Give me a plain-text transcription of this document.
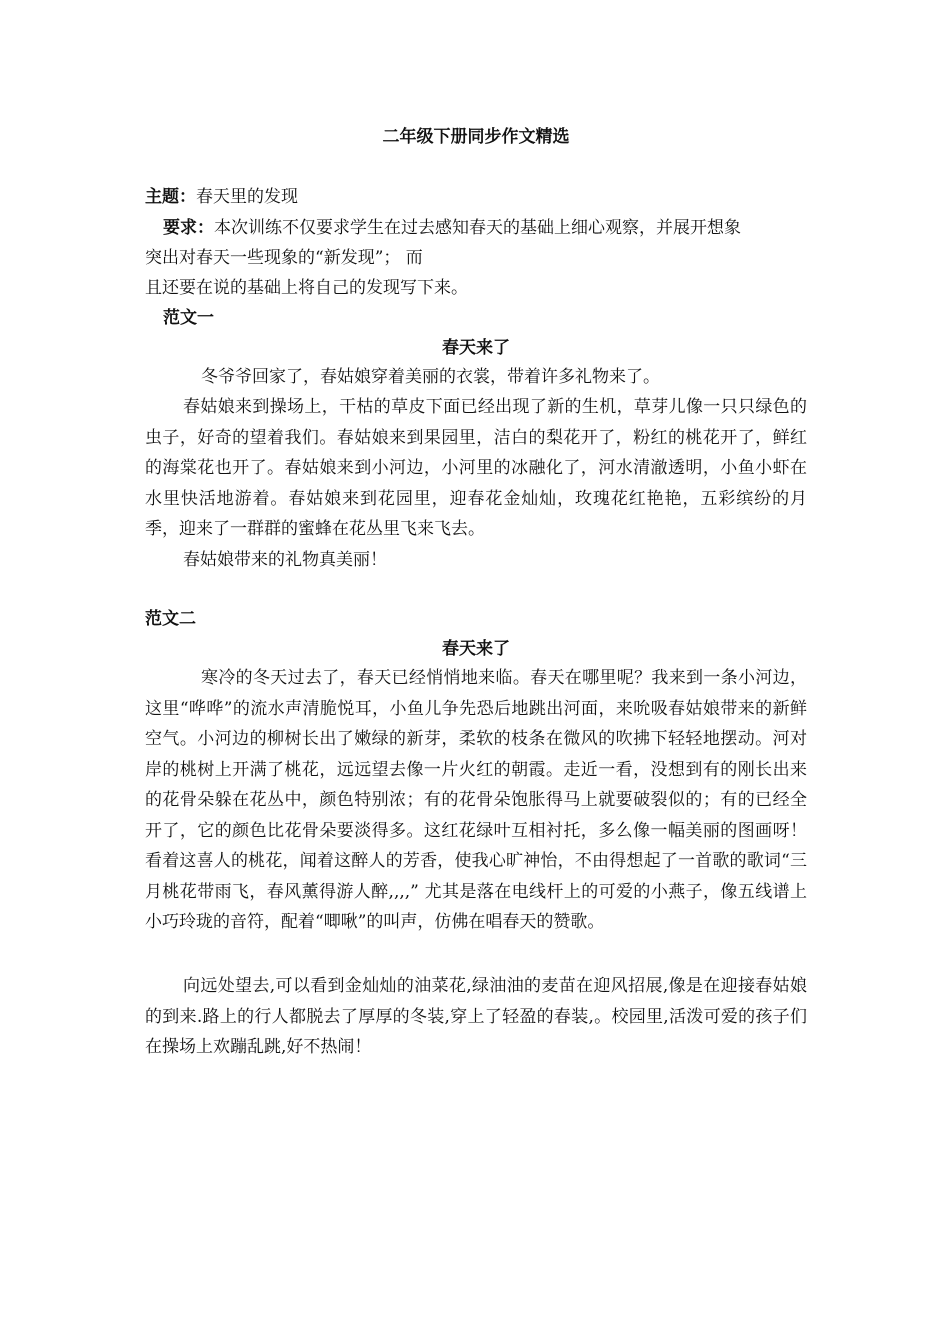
二年级下册同步作文精选
主题：春天里的发现
要求：本次训练不仅要求学生在过去感知春天的基础上细心观察，并展开想象
突出对春天一些现象的“新发现”； 而
且还要在说的基础上将自己的发现写下来。
范文一
春天来了

冬爷爷回家了，春姑娘穿着美丽的衣裳，带着许多礼物来了。

春姑娘来到操场上，干枯的草皮下面已经出现了新的生机，草芽儿像一只只绿色的虫子，好奇的望着我们。春姑娘来到果园里，洁白的梨花开了，粉红的桃花开了，鲜红的海棠花也开了。春姑娘来到小河边，小河里的冰融化了，河水清澈透明，小鱼小虾在水里快活地游着。春姑娘来到花园里，迎春花金灿灿，玫瑰花红艳艳，五彩缤纷的月季，迎来了一群群的蜜蜂在花丛里飞来飞去。

春姑娘带来的礼物真美丽！

范文二
春天来了

寒冷的冬天过去了，春天已经悄悄地来临。春天在哪里呢？我来到一条小河边，这里“哗哗”的流水声清脆悦耳，小鱼儿争先恐后地跳出河面，来吮吸春姑娘带来的新鲜空气。小河边的柳树长出了嫩绿的新芽，柔软的枝条在微风的吹拂下轻轻地摆动。河对岸的桃树上开满了桃花，远远望去像一片火红的朝霞。走近一看，没想到有的刚长出来的花骨朵躲在花丛中，颜色特别浓；有的花骨朵饱胀得马上就要破裂似的；有的已经全开了，它的颜色比花骨朵要淡得多。这红花绿叶互相衬托，多么像一幅美丽的图画呀！看着这喜人的桃花，闻着这醉人的芳香，使我心旷神怡，不由得想起了一首歌的歌词“三月桃花带雨飞，春风薰得游人醉,,,,” 尤其是落在电线杆上的可爱的小燕子，像五线谱上小巧玲珑的音符，配着“唧啾”的叫声，仿佛在唱春天的赞歌。

向远处望去,可以看到金灿灿的油菜花,绿油油的麦苗在迎风招展,像是在迎接春姑娘的到来.路上的行人都脱去了厚厚的冬装,穿上了轻盈的春装,。校园里,活泼可爱的孩子们在操场上欢蹦乱跳,好不热闹！
